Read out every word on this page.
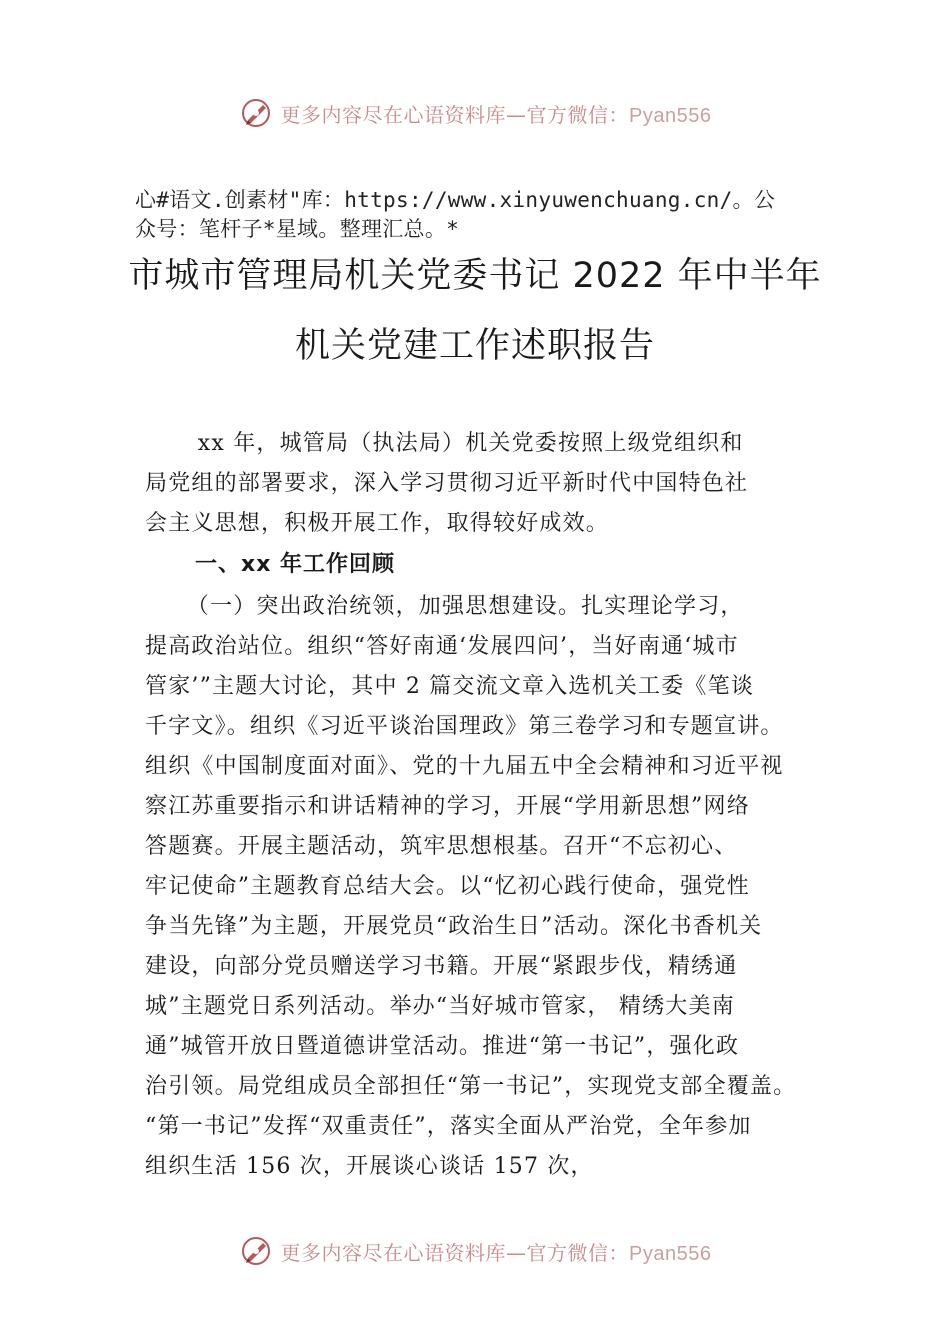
更多内容尽在心语资料库—官方微信：Pyan556
心#语文.创素材"库：https://www.xinyuwenchuang.cn/。公
众号：笔杆子*星域。整理汇总。*
市城市管理局机关党委书记 2022 年中半年
机关党建工作述职报告
xx 年，城管局（执法局）机关党委按照上级党组织和
局党组的部署要求，深入学习贯彻习近平新时代中国特色社
会主义思想，积极开展工作，取得较好成效。
一、xx 年工作回顾
（一）突出政治统领，加强思想建设。扎实理论学习，
提高政治站位。组织“答好南通‘发展四问’，当好南通‘城市
管家’”主题大讨论，其中 2 篇交流文章入选机关工委《笔谈
千字文》。组织《习近平谈治国理政》第三卷学习和专题宣讲。
组织《中国制度面对面》、党的十九届五中全会精神和习近平视
察江苏重要指示和讲话精神的学习，开展“学用新思想”网络
答题赛。开展主题活动，筑牢思想根基。召开“不忘初心、
牢记使命”主题教育总结大会。以“忆初心践行使命，强党性
争当先锋”为主题，开展党员“政治生日”活动。深化书香机关
建设，向部分党员赠送学习书籍。开展“紧跟步伐，精绣通
城”主题党日系列活动。举办“当好城市管家， 精绣大美南
通”城管开放日暨道德讲堂活动。推进“第一书记”，强化政
治引领。局党组成员全部担任“第一书记”，实现党支部全覆盖。
“第一书记”发挥“双重责任”，落实全面从严治党，全年参加
组织生活 156 次，开展谈心谈话 157 次，
更多内容尽在心语资料库—官方微信：Pyan556
